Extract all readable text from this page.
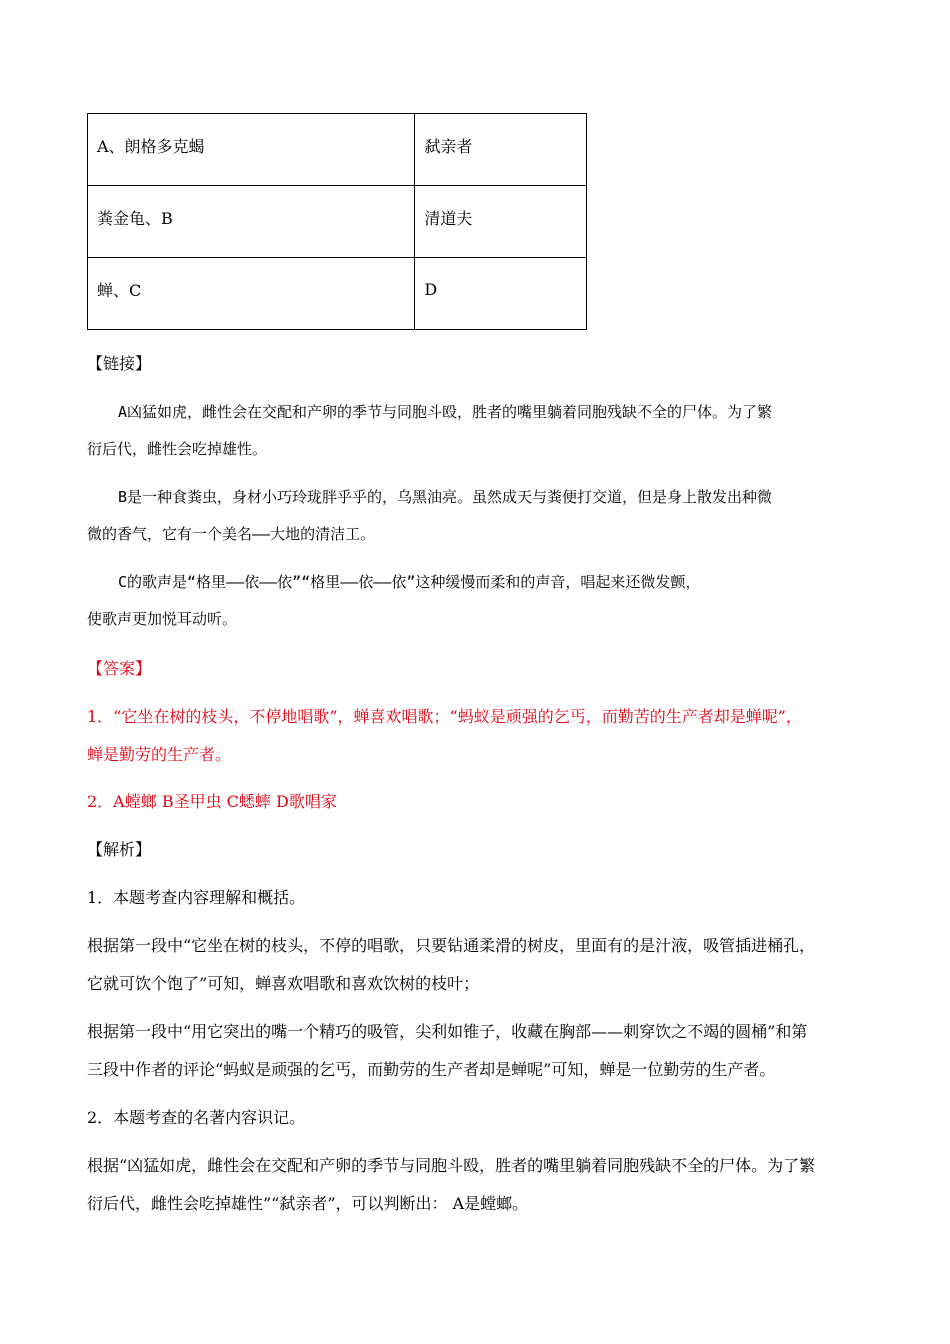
A、朗格多克蝎	弑亲者
粪金龟、B	清道夫
蝉、C	D
【链接】
A凶猛如虎，雌性会在交配和产卵的季节与同胞斗殴，胜者的嘴里躺着同胞残缺不全的尸体。为了繁
衍后代，雌性会吃掉雄性。
B是一种食粪虫，身材小巧玲珑胖乎乎的，乌黑油亮。虽然成天与粪便打交道，但是身上散发出种微
微的香气，它有一个美名——大地的清洁工。
C的歌声是“格里——依——依”“格里——依——依”这种缓慢而柔和的声音，唱起来还微发颤，
使歌声更加悦耳动听。
【答案】
1．“它坐在树的枝头，不停地唱歌”，蝉喜欢唱歌；“蚂蚁是顽强的乞丐，而勤苦的生产者却是蝉呢”，
蝉是勤劳的生产者。
2．A螳螂 B圣甲虫 C蟋蟀 D歌唱家
【解析】
1．本题考查内容理解和概括。
根据第一段中“它坐在树的枝头，不停的唱歌，只要钻通柔滑的树皮，里面有的是汁液，吸管插进桶孔，
它就可饮个饱了”可知，蝉喜欢唱歌和喜欢饮树的枝叶；
根据第一段中“用它突出的嘴一个精巧的吸管，尖利如锥子，收藏在胸部——刺穿饮之不竭的圆桶”和第
三段中作者的评论“蚂蚁是顽强的乞丐，而勤劳的生产者却是蝉呢”可知，蝉是一位勤劳的生产者。
2．本题考查的名著内容识记。
根据“凶猛如虎，雌性会在交配和产卵的季节与同胞斗殴，胜者的嘴里躺着同胞残缺不全的尸体。为了繁
衍后代，雌性会吃掉雄性”“弑亲者”，可以判断出： A是螳螂。
